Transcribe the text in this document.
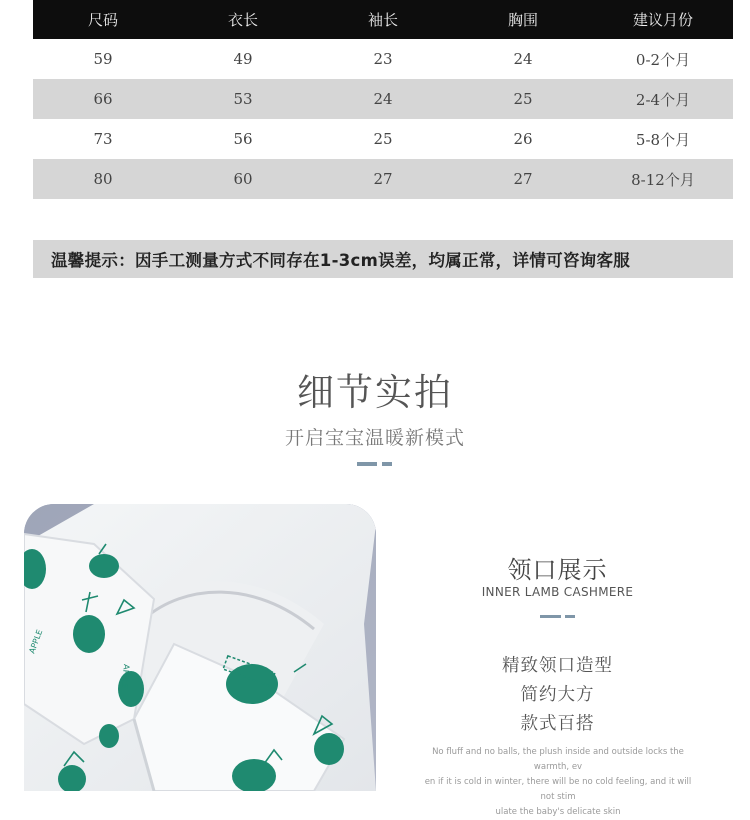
尺码	衣长	袖长	胸围	建议月份
59	49	23	24	0-2个月
66	53	24	25	2-4个月
73	56	25	26	5-8个月
80	60	27	27	8-12个月
温馨提示：因手工测量方式不同存在1-3cm误差，均属正常，详情可咨询客服
细节实拍
开启宝宝温暖新模式
APPLE
APPLE
领口展示
INNER LAMB CASHMERE
精致领口造型
简约大方
款式百搭
No fluff and no balls, the plush inside and outside locks the warmth, ev
en if it is cold in winter, there will be no cold feeling, and it will not stim
ulate the baby's delicate skin
